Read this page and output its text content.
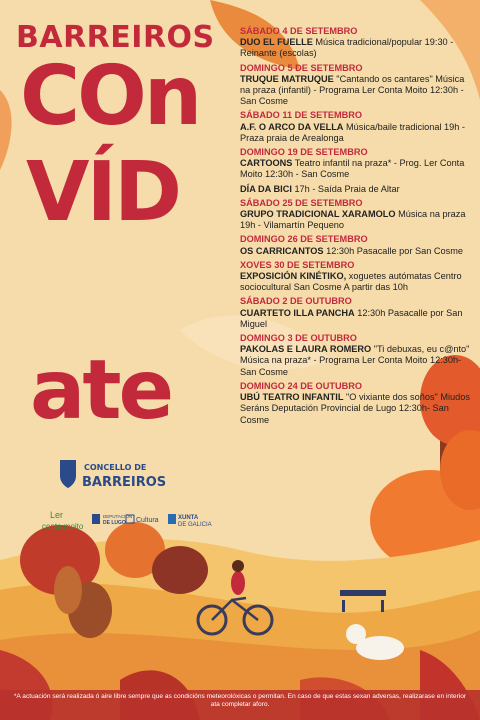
BARREIROS
COn
VÍD
ate
SÁBADO 4 DE SETEMBRO
DUO EL FUELLE Música tradicional/popular 19:30 - Reinante (escolas)
DOMINGO 5 DE SETEMBRO
TRUQUE MATRUQUE "Cantando os cantares" Música na praza (infantil) - Programa Ler Conta Moito 12:30h - San Cosme
SÁBADO 11 DE SETEMBRO
A.F. O ARCO DA VELLA Música/baile tradicional 19h - Praza praia de Arealonga
DOMINGO 19 DE SETEMBRO
CARTOONS Teatro infantil na praza* - Prog. Ler Conta Moito 12:30h - San Cosme
DÍA DA BICI 17h - Saída Praia de Altar
SÁBADO 25 DE SETEMBRO
GRUPO TRADICIONAL XARAMOLO Música na praza 19h - Vilamartín Pequeno
DOMINGO 26 DE SETEMBRO
OS CARRICANTOS 12:30h Pasacalle por San Cosme
XOVES 30 DE SETEMBRO
EXPOSICIÓN KINÉTIKO, xoguetes autómatas Centro sociocultural San Cosme A partir das 10h
SÁBADO 2 DE OUTUBRO
CUARTETO ILLA PANCHA 12:30h Pasacalle por San Miguel
DOMINGO 3 DE OUTUBRO
PAKOLAS E LAURA ROMERO "Ti debuxas, eu c@nto" Música na praza* - Programa Ler Conta Moito 12:30h- San Cosme
DOMINGO 24 DE OUTUBRO
UBÚ TEATRO INFANTIL "O vixiante dos soños" Miudos Seráns Deputación Provincial de Lugo 12:30h- San Cosme
CONCELLO DE
BARREIROS
Ler
conta moito
DEPUTACIÓN
DE LUGO Cultura	XUNTA
DE GALICIA
*A actuación será realizada ó aire libre sempre que as condicións meteorolóxicas o permitan. En caso de que estas sexan adversas, realizarase en interior ata completar aforo.
